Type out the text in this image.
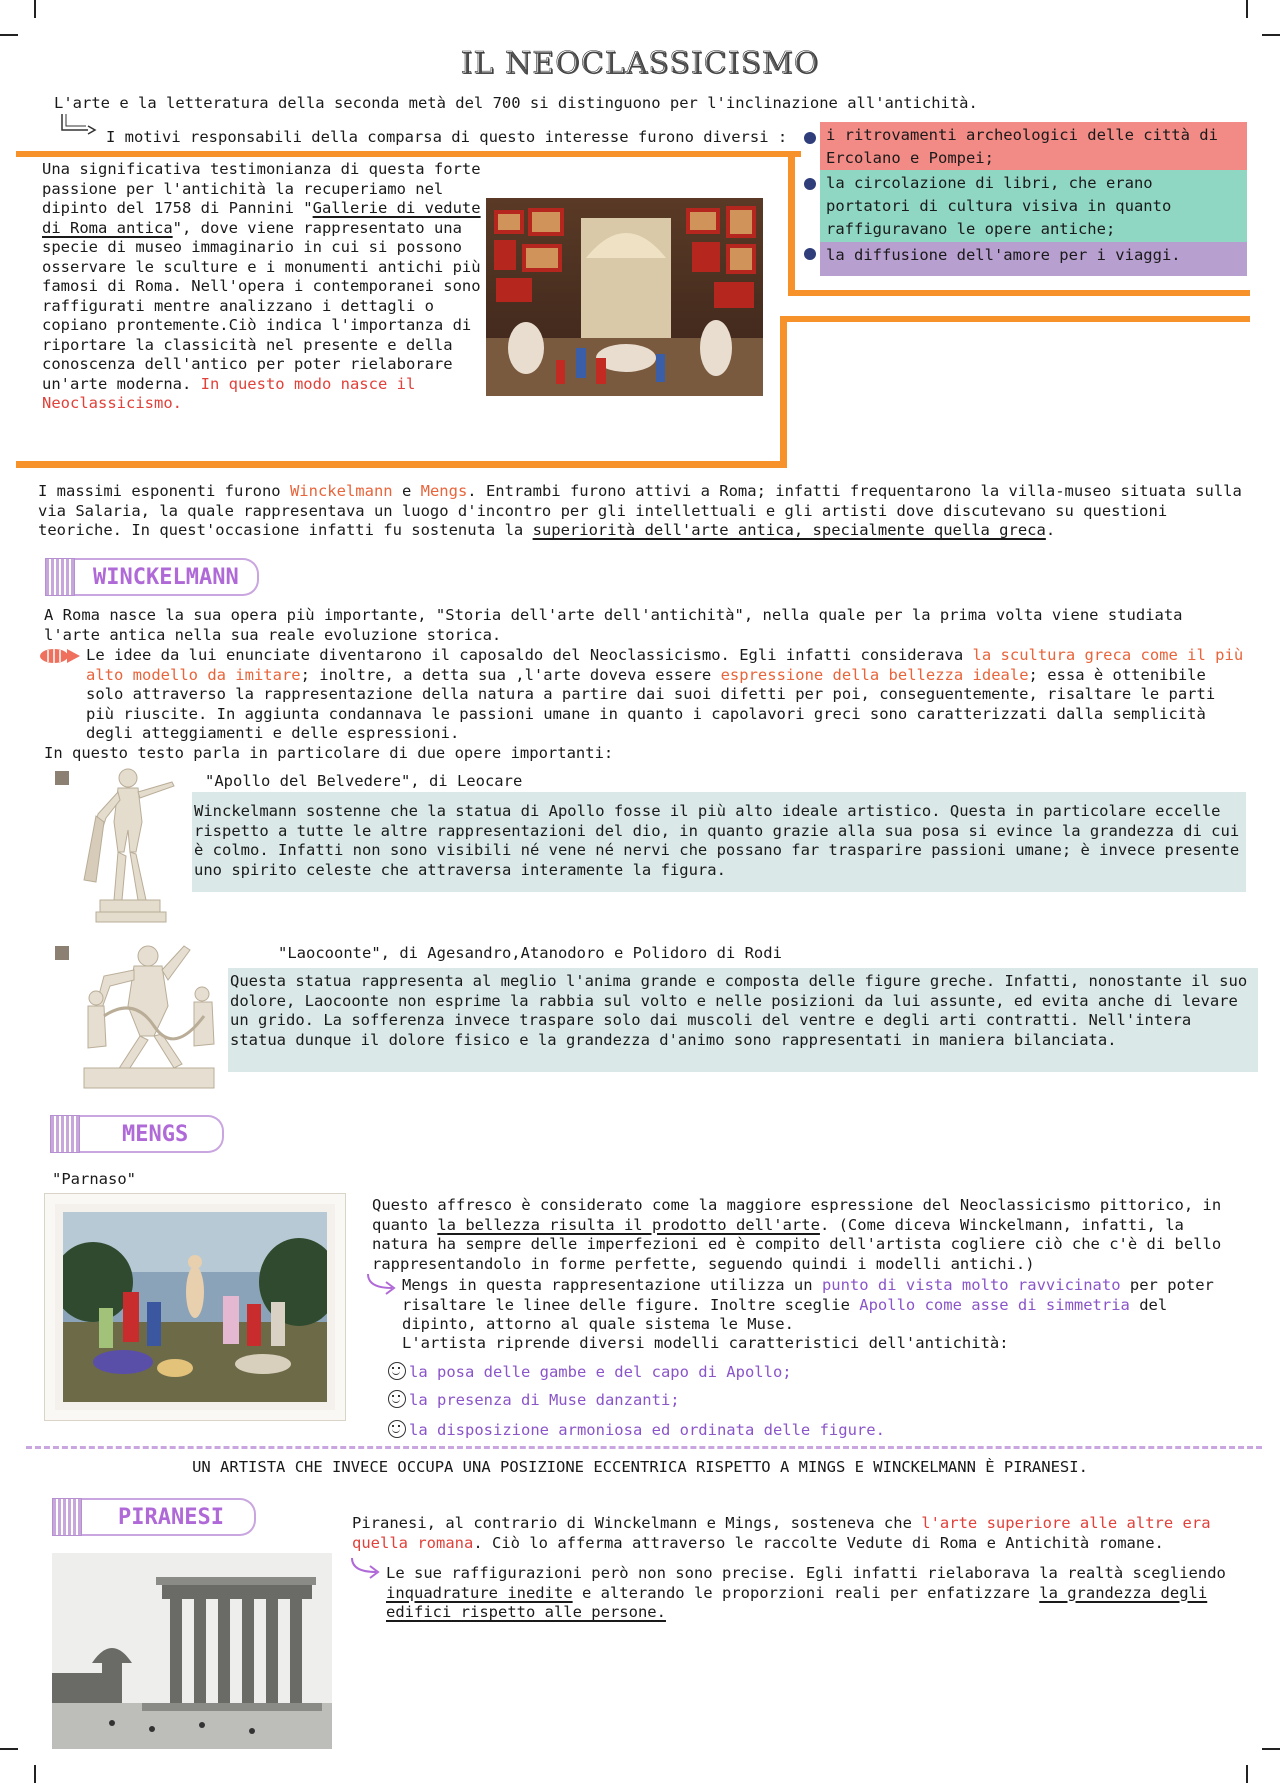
IL NEOCLASSICISMO
L'arte e la letteratura della seconda metà del 700 si distinguono per l'inclinazione all'antichità.
I motivi responsabili della comparsa di questo interesse furono diversi :	i ritrovamenti archeologici delle città di Ercolano e Pompei;
la circolazione di libri, che erano portatori di cultura visiva in quanto raffiguravano le opere antiche;
la diffusione dell'amore per i viaggi.
Una significativa testimonianza di questa forte passione per l'antichità la recuperiamo nel dipinto del 1758 di Pannini "Gallerie di vedute di Roma antica", dove viene rappresentato una specie di museo immaginario in cui si possono osservare le sculture e i monumenti antichi più famosi di Roma. Nell'opera i contemporanei sono raffigurati mentre analizzano i dettagli o copiano prontemente.Ciò indica l'importanza di riportare la classicità nel presente e della conoscenza dell'antico per poter rielaborare un'arte moderna. In questo modo nasce il Neoclassicismo.
I massimi esponenti furono Winckelmann e Mengs. Entrambi furono attivi a Roma; infatti frequentarono la villa-museo situata sulla via Salaria, la quale rappresentava un luogo d'incontro per gli intellettuali e gli artisti dove discutevano su questioni teoriche. In quest'occasione infatti fu sostenuta la superiorità dell'arte antica, specialmente quella greca.
WINCKELMANN
A Roma nasce la sua opera più importante, "Storia dell'arte dell'antichità", nella quale per la prima volta viene studiata l'arte antica nella sua reale evoluzione storica.
Le idee da lui enunciate diventarono il caposaldo del Neoclassicismo. Egli infatti considerava la scultura greca come il più alto modello da imitare; inoltre, a detta sua ,l'arte doveva essere espressione della bellezza ideale; essa è ottenibile solo attraverso la rappresentazione della natura a partire dai suoi difetti per poi, conseguentemente, risaltare le parti più riuscite. In aggiunta condannava le passioni umane in quanto i capolavori greci sono caratterizzati dalla semplicità degli atteggiamenti e delle espressioni.
In questo testo parla in particolare di due opere importanti:
"Apollo del Belvedere", di Leocare
Winckelmann sostenne che la statua di Apollo fosse il più alto ideale artistico. Questa in particolare eccelle rispetto a tutte le altre rappresentazioni del dio, in quanto grazie alla sua posa si evince la grandezza di cui è colmo. Infatti non sono visibili né vene né nervi che possano far trasparire passioni umane; è invece presente uno spirito celeste che attraversa interamente la figura.
"Laocoonte", di Agesandro,Atanodoro e Polidoro di Rodi
Questa statua rappresenta al meglio l'anima grande e composta delle figure greche. Infatti, nonostante il suo dolore, Laocoonte non esprime la rabbia sul volto e nelle posizioni da lui assunte, ed evita anche di levare un grido. La sofferenza invece traspare solo dai muscoli del ventre e degli arti contratti. Nell'intera statua dunque il dolore fisico e la grandezza d'animo sono rappresentati in maniera bilanciata.
MENGS
"Parnaso"
Questo affresco è considerato come la maggiore espressione del Neoclassicismo pittorico, in quanto la bellezza risulta il prodotto dell'arte. (Come diceva Winckelmann, infatti, la natura ha sempre delle imperfezioni ed è compito dell'artista cogliere ciò che c'è di bello rappresentandolo in forme perfette, seguendo quindi i modelli antichi.)
Mengs in questa rappresentazione utilizza un punto di vista molto ravvicinato per poter risaltare le linee delle figure. Inoltre sceglie Apollo come asse di simmetria del dipinto, attorno al quale sistema le Muse.
L'artista riprende diversi modelli caratteristici dell'antichità:
la posa delle gambe e del capo di Apollo;
la presenza di Muse danzanti;
la disposizione armoniosa ed ordinata delle figure.
UN ARTISTA CHE INVECE OCCUPA UNA POSIZIONE ECCENTRICA RISPETTO A MINGS E WINCKELMANN È PIRANESI.
PIRANESI	Piranesi, al contrario di Winckelmann e Mings, sosteneva che l'arte superiore alle altre era quella romana. Ciò lo afferma attraverso le raccolte Vedute di Roma e Antichità romane.
Le sue raffigurazioni però non sono precise. Egli infatti rielaborava la realtà scegliendo inquadrature inedite e alterando le proporzioni reali per enfatizzare la grandezza degli edifici rispetto alle persone.
